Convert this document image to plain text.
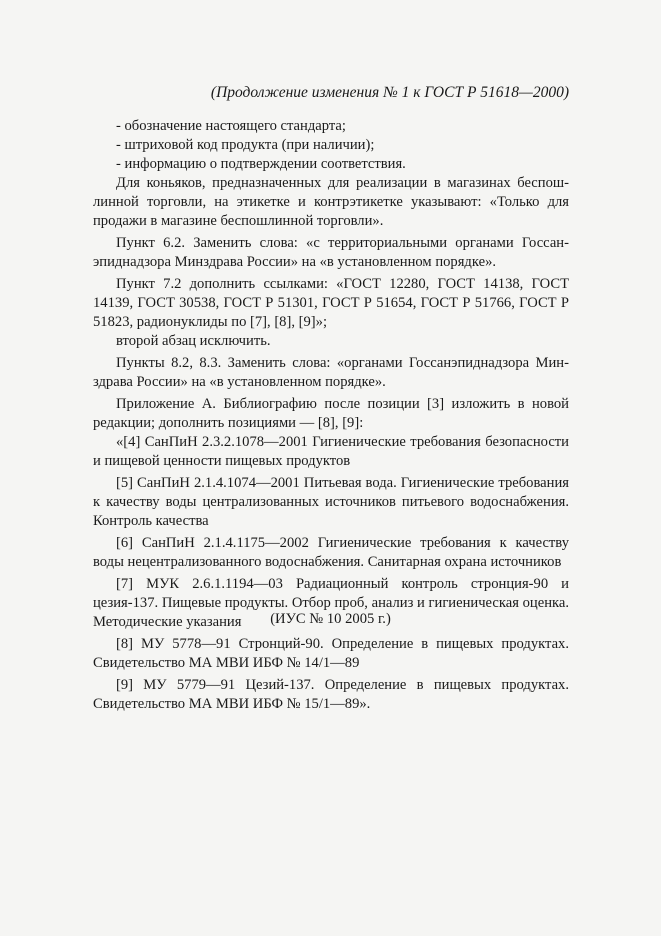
(Продолжение изменения № 1 к ГОСТ Р 51618—2000)

- обозначение настоящего стандарта;

- штриховой код продукта (при наличии);

- информацию о подтверждении соответствия.

Для коньяков, предназначенных для реализации в магазинах беспошлинной торговли, на этикетке и контрэтикетке указывают: «Только для продажи в магазине беспошлинной торговли».

Пункт 6.2. Заменить слова: «с территориальными органами Госсанэпиднадзора Минздрава России» на «в установленном порядке».

Пункт 7.2 дополнить ссылками: «ГОСТ 12280, ГОСТ 14138, ГОСТ 14139, ГОСТ 30538, ГОСТ Р 51301, ГОСТ Р 51654, ГОСТ Р 51766, ГОСТ Р 51823, радионуклиды по [7], [8], [9]»;

второй абзац исключить.

Пункты 8.2, 8.3. Заменить слова: «органами Госсанэпиднадзора Минздрава России» на «в установленном порядке».

Приложение А. Библиографию после позиции [3] изложить в новой редакции; дополнить позициями — [8], [9]:

«[4] СанПиН 2.3.2.1078—2001 Гигиенические требования безопасности и пищевой ценности пищевых продуктов

[5] СанПиН 2.1.4.1074—2001 Питьевая вода. Гигиенические требования к качеству воды централизованных источников питьевого водоснабжения. Контроль качества

[6] СанПиН 2.1.4.1175—2002 Гигиенические требования к качеству воды нецентрализованного водоснабжения. Санитарная охрана источников

[7] МУК 2.6.1.1194—03 Радиационный контроль стронция-90 и цезия-137. Пищевые продукты. Отбор проб, анализ и гигиеническая оценка. Методические указания

[8] МУ 5778—91 Стронций-90. Определение в пищевых продуктах. Свидетельство МА МВИ ИБФ № 14/1—89

[9] МУ 5779—91 Цезий-137. Определение в пищевых продуктах. Свидетельство МА МВИ ИБФ № 15/1—89».

(ИУС № 10 2005 г.)
